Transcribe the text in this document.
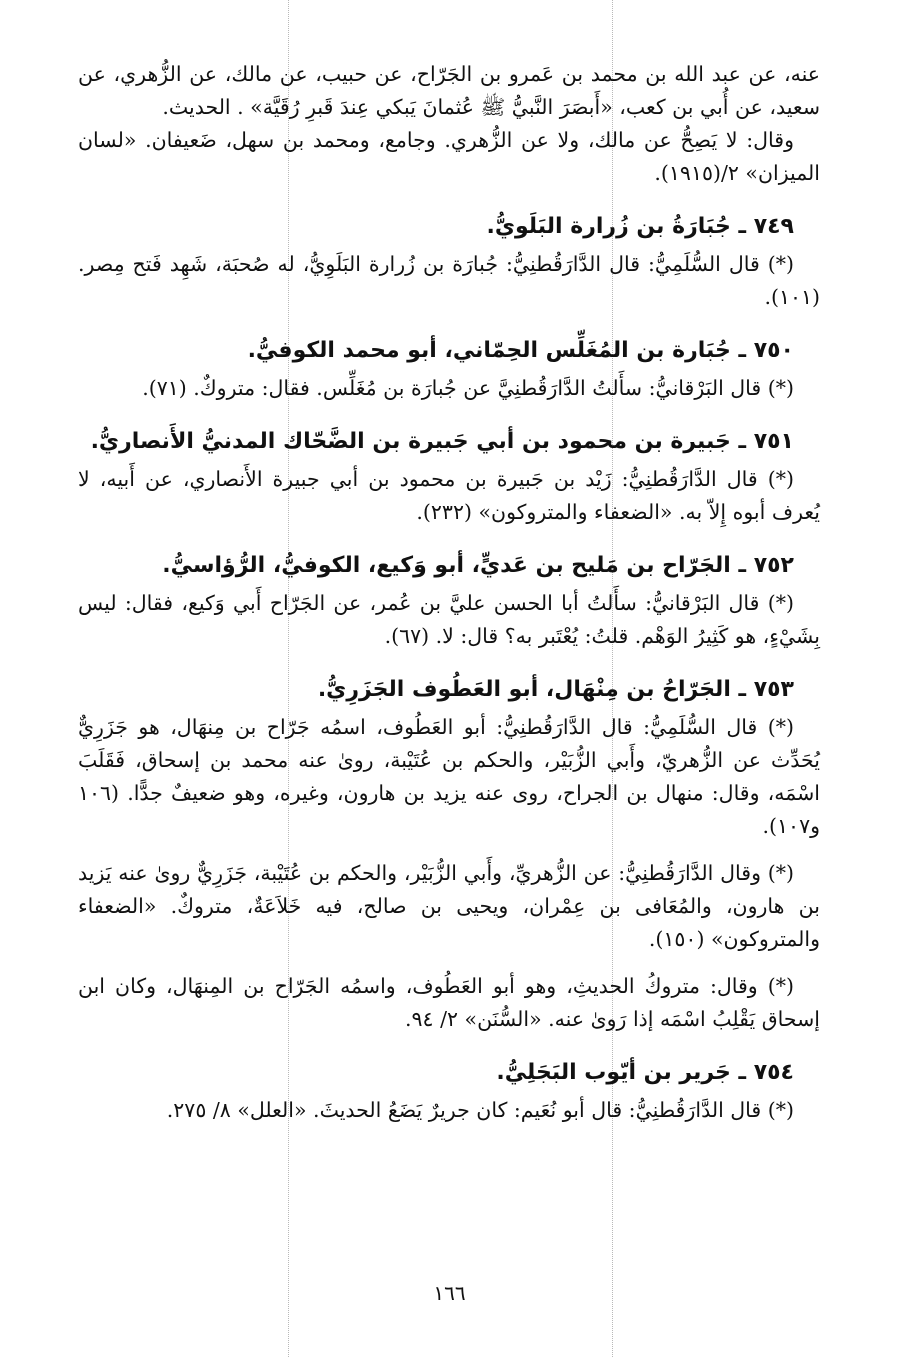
عنه، عن عبد الله بن محمد بن عَمرو بن الجَرّاح، عن حبيب، عن مالك، عن الزُّهري، عن سعيد، عن أُبي بن كعب، «أَبصَرَ النَّبيُّ ﷺ عُثمانَ يَبكي عِندَ قَبرِ رُقَيَّة» . الحديث.

وقال: لا يَصِحُّ عن مالك، ولا عن الزُّهري. وجامع، ومحمد بن سهل، ضَعيفان. «لسان الميزان» ٢/(١٩١٥).

٧٤٩ ـ جُبَارَةُ بن زُرارة البَلَويُّ.

(*) قال السُّلَمِيُّ: قال الدَّارَقُطنِيُّ: جُبارَة بن زُرارة البَلَوِيُّ، له صُحبَة، شَهِد فَتح مِصر. (١٠١).

٧٥٠ ـ جُبَارة بن المُغَلِّس الحِمّاني، أبو محمد الكوفيُّ.

(*) قال البَرْقانيُّ: سأَلتُ الدَّارَقُطنِيَّ عن جُبارَة بن مُغَلِّس. فقال: متروكٌ. (٧١).

٧٥١ ـ جَبيرة بن محمود بن أبي جَبيرة بن الضَّحّاك المدنيُّ الأَنصاريُّ.

(*) قال الدَّارَقُطنِيُّ: زَيْد بن جَبيرة بن محمود بن أبي جبيرة الأَنصاري، عن أَبيه، لا يُعرف أبوه إِلاّ به. «الضعفاء والمتروكون» (٢٣٢).

٧٥٢ ـ الجَرّاح بن مَليح بن عَديٍّ، أبو وَكيع، الكوفيُّ، الرُّؤاسيُّ.

(*) قال البَرْقانيُّ: سأَلتُ أبا الحسن عليَّ بن عُمر، عن الجَرّاح أَبي وَكيع، فقال: ليس بِشَيْءٍ، هو كَثِيرُ الوَهْم. قلتُ: يُعْتَبر به؟ قال: لا. (٦٧).

٧٥٣ ـ الجَرّاحُ بن مِنْهَال، أبو العَطُوف الجَزَرِيُّ.

(*) قال السُّلَمِيُّ: قال الدَّارَقُطنِيُّ: أبو العَطُوف، اسمُه جَرّاح بن مِنهَال، هو جَزَرِيٌّ يُحَدِّث عن الزُّهريّ، وأَبي الزُّبَيْر، والحكم بن عُتَيْبة، روىٰ عنه محمد بن إسحاق، فَقَلَبَ اسْمَه، وقال: منهال بن الجراح، روى عنه يزيد بن هارون، وغيره، وهو ضعيفٌ جدًّا. (١٠٦ و١٠٧).

(*) وقال الدَّارَقُطنِيُّ: عن الزُّهريِّ، وأَبي الزُّبَيْر، والحكم بن عُتَيْبة، جَزَرِيٌّ روىٰ عنه يَزيد بن هارون، والمُعَافى بن عِمْران، ويحيى بن صالح، فيه خَلاَعَةٌ، متروكٌ. «الضعفاء والمتروكون» (١٥٠).

(*) وقال: متروكُ الحديثِ، وهو أبو العَطُوف، واسمُه الجَرّاح بن المِنهَال، وكان ابن إسحاق يَقْلِبُ اسْمَه إذا رَوىٰ عنه. «السُّنَن» ٢/ ٩٤.

٧٥٤ ـ جَرير بن أيّوب البَجَلِيُّ.

(*) قال الدَّارَقُطنِيُّ: قال أبو نُعَيم: كان جريرٌ يَضَعُ الحديثَ. «العلل» ٨/ ٢٧٥.

١٦٦
